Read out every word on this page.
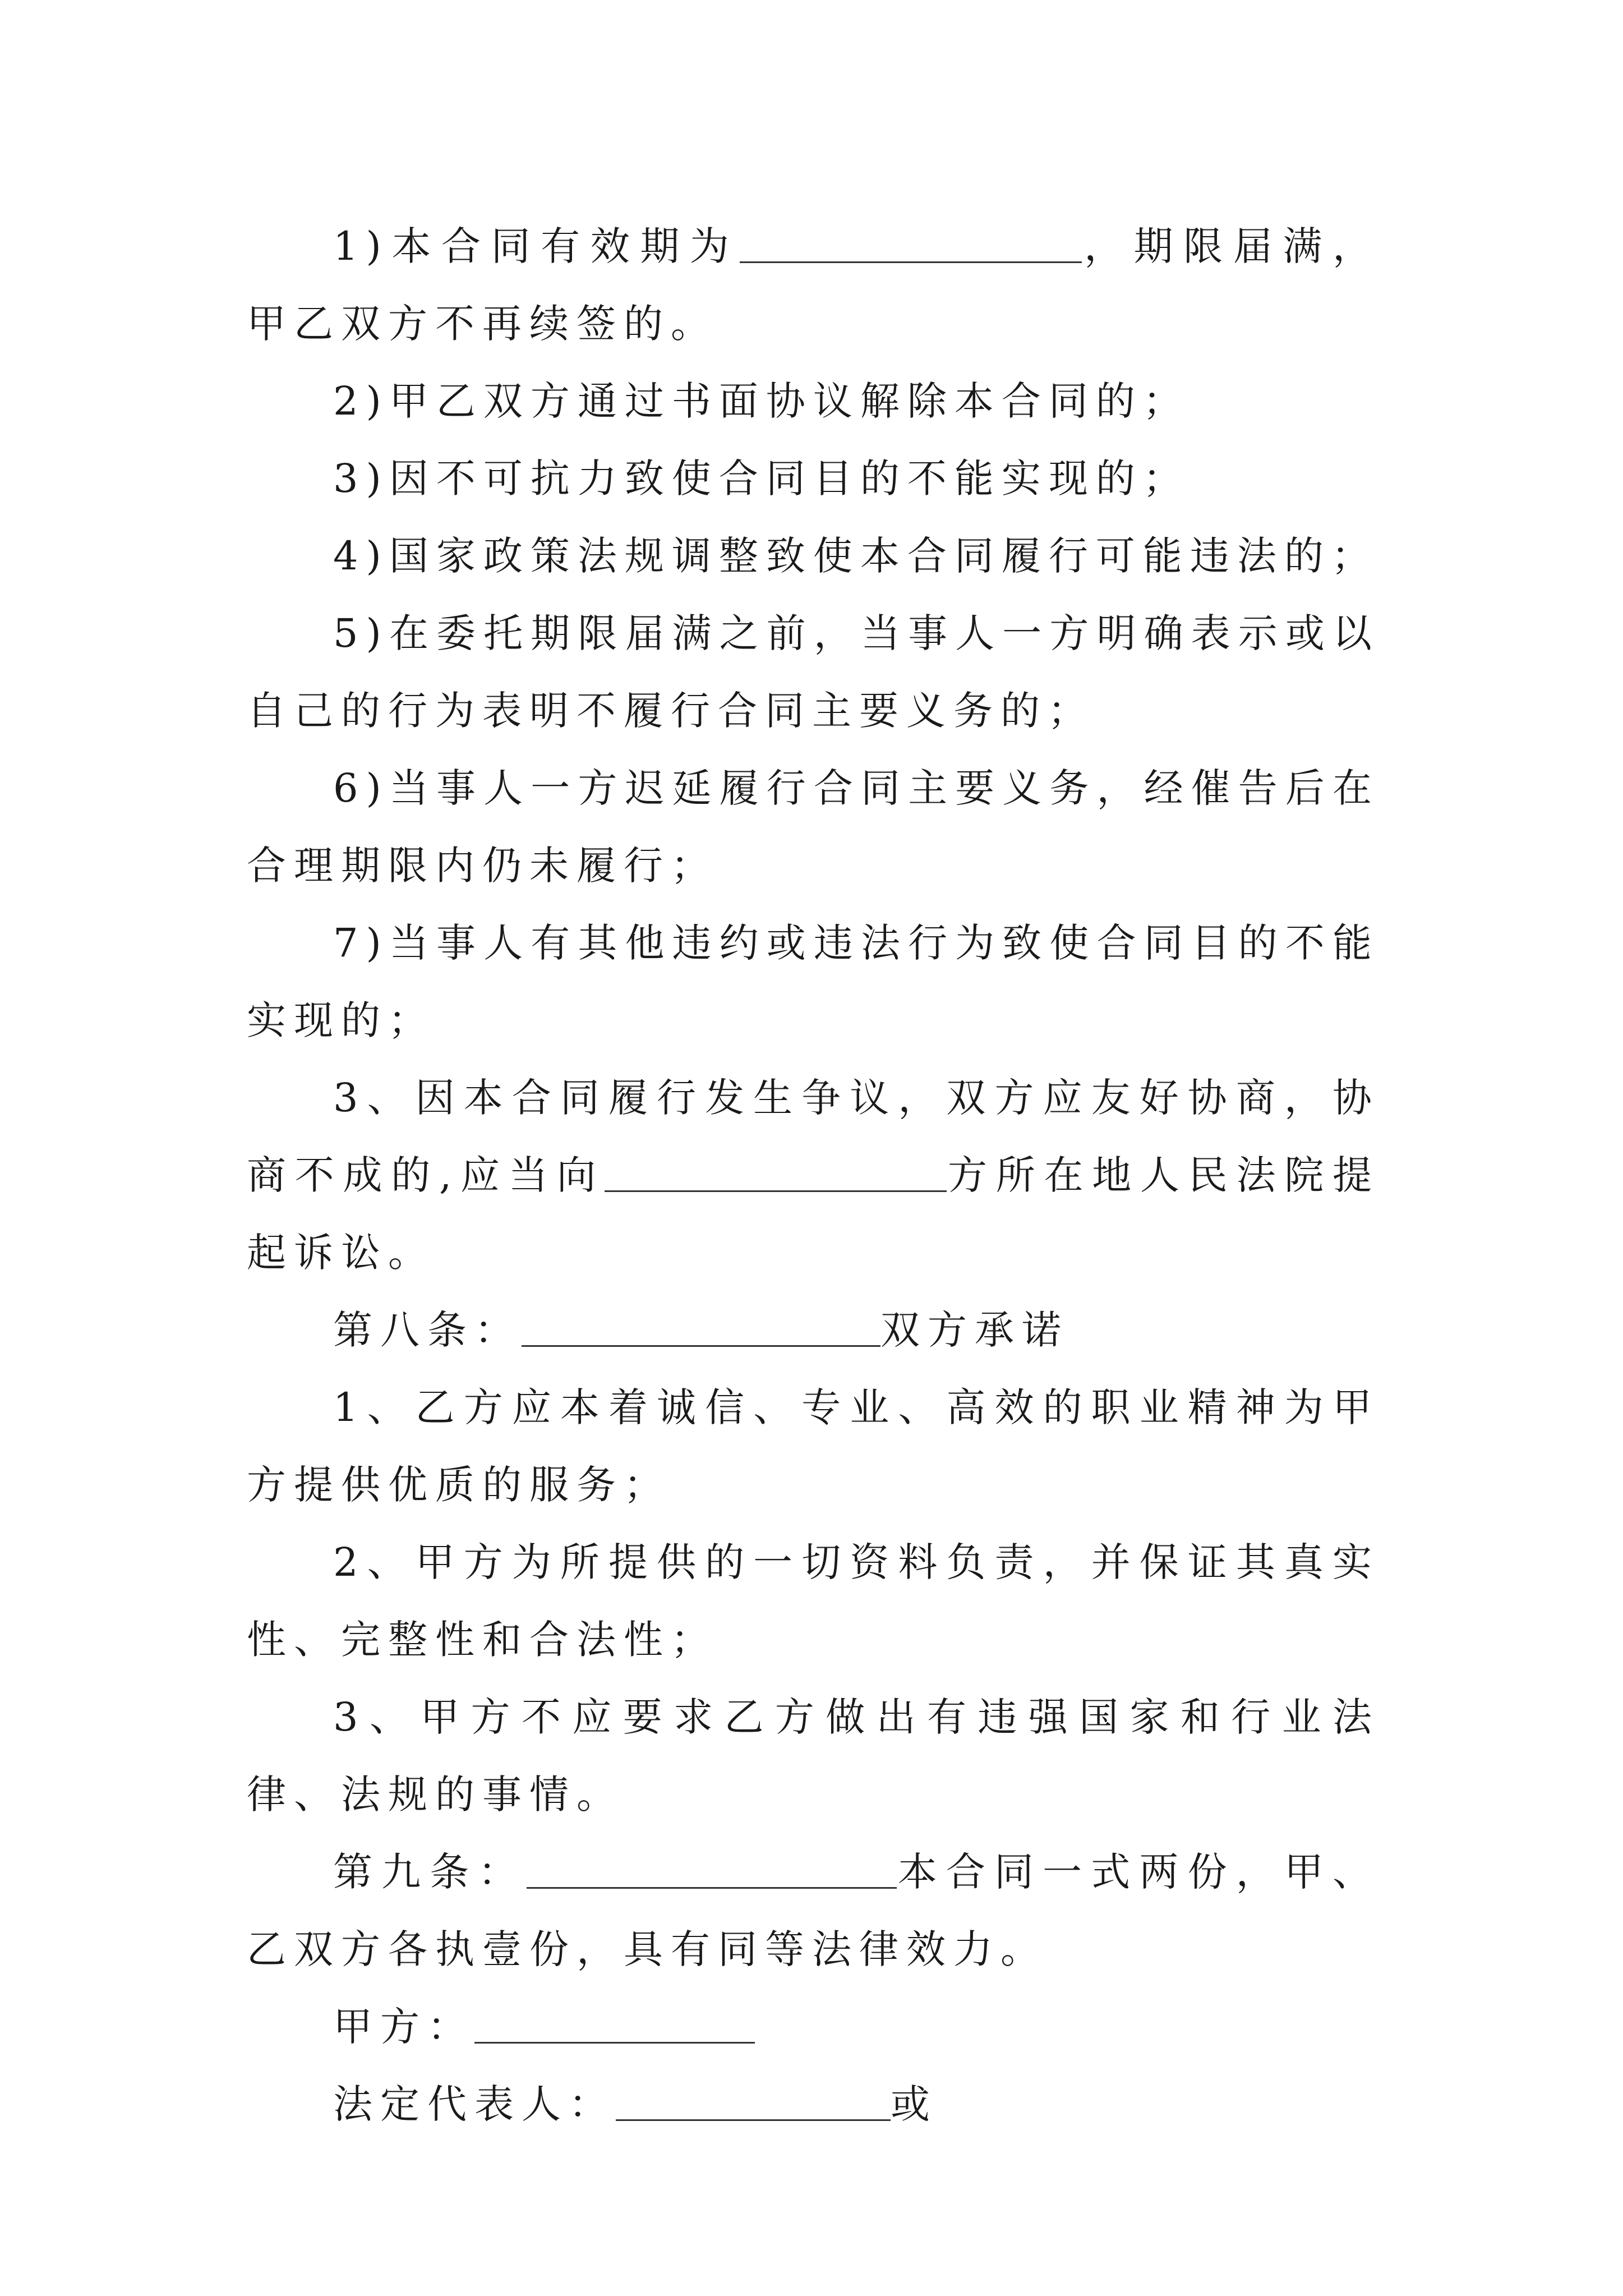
1)本合同有效期为	，期限届满，甲乙双方不再续签的。

2)甲乙双方通过书面协议解除本合同的；

3)因不可抗力致使合同目的不能实现的；

4)国家政策法规调整致使本合同履行可能违法的；

5)在委托期限届满之前，当事人一方明确表示或以自己的行为表明不履行合同主要义务的；

6)当事人一方迟延履行合同主要义务，经催告后在合理期限内仍未履行；

7)当事人有其他违约或违法行为致使合同目的不能实现的；

3、因本合同履行发生争议，双方应友好协商，协商不成的,应当向	方所在地人民法院提起诉讼。

第八条：	双方承诺

1、乙方应本着诚信、专业、高效的职业精神为甲方提供优质的服务；

2、甲方为所提供的一切资料负责，并保证其真实性、完整性和合法性；

3、甲方不应要求乙方做出有违强国家和行业法律、法规的事情。

第九条：	本合同一式两份，甲、乙双方各执壹份，具有同等法律效力。

甲方：

法定代表人：	或
